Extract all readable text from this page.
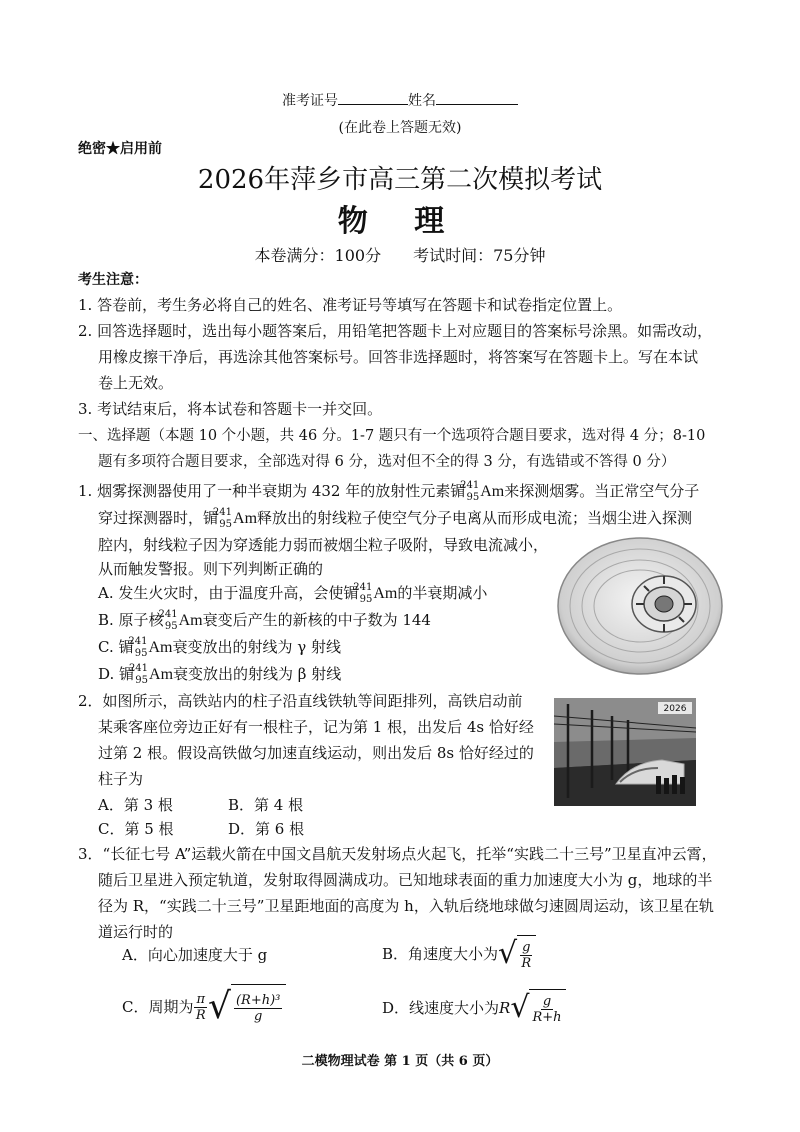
准考证号	姓名
(在此卷上答题无效)
绝密★启用前
2026年萍乡市高三第二次模拟考试
物 理
本卷满分：100分　　考试时间：75分钟
考生注意：
1. 答卷前，考生务必将自己的姓名、准考证号等填写在答题卡和试卷指定位置上。
2. 回答选择题时，选出每小题答案后，用铅笔把答题卡上对应题目的答案标号涂黑。如需改动，
用橡皮擦干净后，再选涂其他答案标号。回答非选择题时，将答案写在答题卡上。写在本试
卷上无效。
3. 考试结束后，将本试卷和答题卡一并交回。
一、选择题（本题 10 个小题，共 46 分。1-7 题只有一个选项符合题目要求，选对得 4 分；8-10
题有多项符合题目要求，全部选对得 6 分，选对但不全的得 3 分，有选错或不答得 0 分）
1. 烟雾探测器使用了一种半衰期为 432 年的放射性元素镅
241
95 Am来探测烟雾。当正常空气分子
穿过探测器时，镅
241
95 Am释放出的射线粒子使空气分子电离从而形成电流；当烟尘进入探测
腔内，射线粒子因为穿透能力弱而被烟尘粒子吸附，导致电流减小，
从而触发警报。则下列判断正确的
A. 发生火灾时，由于温度升高，会使镅
241
95 Am的半衰期减小
B. 原子核
241
95 Am衰变后产生的新核的中子数为 144
C. 镅
241
95 Am衰变放出的射线为 γ 射线
D. 镅
241
95 Am衰变放出的射线为 β 射线
2．如图所示，高铁站内的柱子沿直线铁轨等间距排列，高铁启动前
某乘客座位旁边正好有一根柱子，记为第 1 根，出发后 4s 恰好经
过第 2 根。假设高铁做匀加速直线运动，则出发后 8s 恰好经过的
柱子为
A．第 3 根	B．第 4 根
C．第 5 根	D．第 6 根
2026
3．“长征七号 A”运载火箭在中国文昌航天发射场点火起飞，托举“实践二十三号”卫星直冲云霄，
随后卫星进入预定轨道，发射取得圆满成功。已知地球表面的重力加速度大小为 g，地球的半
径为 R，“实践二十三号”卫星距地面的高度为 h，入轨后绕地球做匀速圆周运动，该卫星在轨
道运行时的
A．向心加速度大于 g	B．角速度大小为 √ $\frac{g}{R}$
C．周期为 $\frac{\pi}{R}$ √ $\frac{\text{(R+h)³}}{g}$	D．线速度大小为 R √ $\frac{g}{R+h}$
二模物理试卷 第 1 页（共 6 页）
